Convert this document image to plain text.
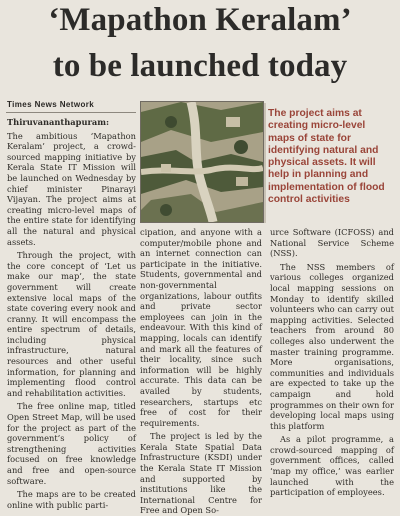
‘Mapathon Keralam’
to be launched today
Times News Network

Thiruvananthapuram:

The ambitious ‘Mapathon Keralam’ project, a crowd-sourced mapping initiative by Kerala State IT Mission will be launched on Wednesday by chief minister Pinarayi Vijayan. The project aims at creating micro-level maps of the entire state for identifying all the natural and physical assets.

Through the project, with the core concept of ‘Let us make our map’, the state government will create extensive local maps of the state covering every nook and cranny. It will encompass the entire spectrum of details, including physical infrastructure, natural resources and other useful information, for planning and implementing flood control and rehabilitation activities.

The free online map, titled Open Street Map, will be used for the project as part of the government’s policy of strengthening activities focused on free knowledge and free and open-source software.

The maps are to be created online with public parti-

The project aims at creating micro-level maps of state for identifying natural and physical assets. It will help in planning and implementation of flood control activities

cipation, and anyone with a computer/mobile phone and an internet connection can participate in the initiative. Students, governmental and non-governmental organizations, labour outfits and private sector employees can join in the endeavour. With this kind of mapping, locals can identify and mark all the features of their locality, since such information will be highly accurate. This data can be availed by students, researchers, startups etc free of cost for their requirements.

The project is led by the Kerala State Spatial Data Infrastructure (KSDI) under the Kerala State IT Mission and supported by institutions like the International Centre for Free and Open So-

urce Software (ICFOSS) and National Service Scheme (NSS).

The NSS members of various colleges organized local mapping sessions on Monday to identify skilled volunteers who can carry out mapping activities. Selected teachers from around 80 colleges also underwent the master training programme. More organisations, communities and individuals are expected to take up the campaign and hold programmes on their own for developing local maps using this platform

As a pilot programme, a crowd-sourced mapping of government offices, called ‘map my office,’ was earlier launched with the participation of employees.
